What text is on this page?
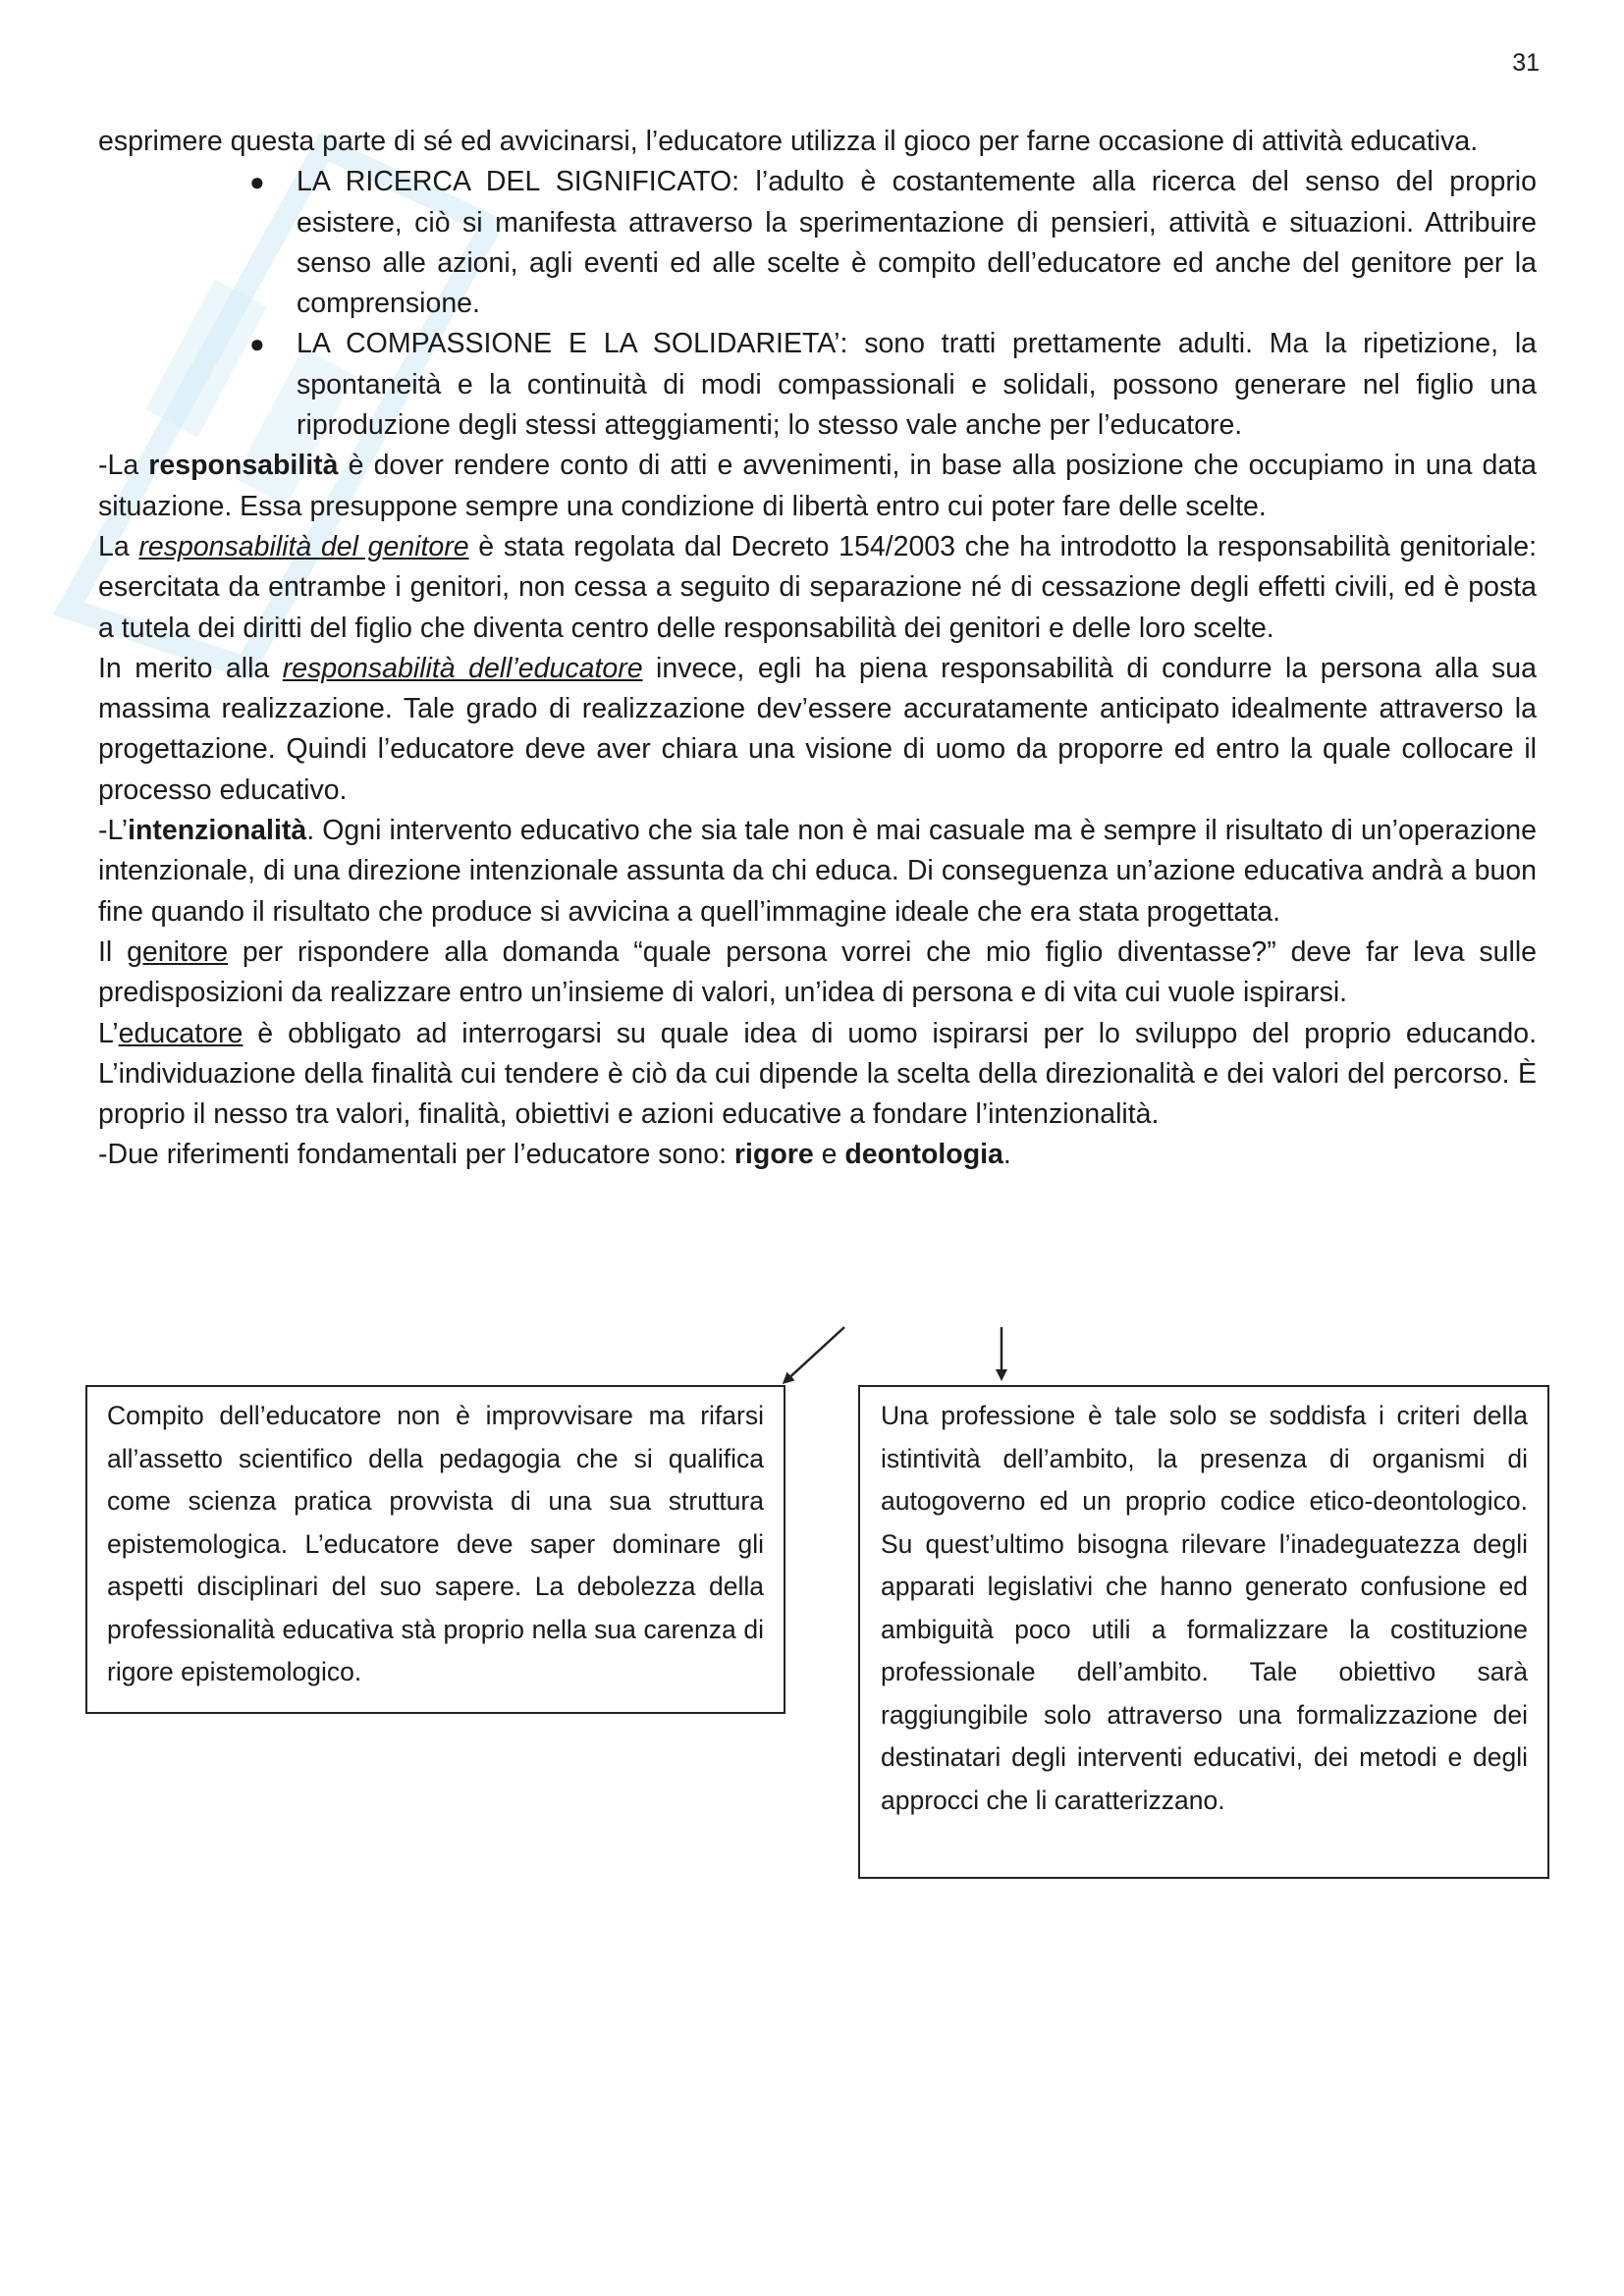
31

esprimere questa parte di sé ed avvicinarsi, l’educatore utilizza il gioco per farne occasione di attività educativa.

● LA RICERCA DEL SIGNIFICATO: l’adulto è costantemente alla ricerca del senso del proprio esistere, ciò si manifesta attraverso la sperimentazione di pensieri, attività e situazioni. Attribuire senso alle azioni, agli eventi ed alle scelte è compito dell’educatore ed anche del genitore per la comprensione.
● LA COMPASSIONE E LA SOLIDARIETA’: sono tratti prettamente adulti. Ma la ripetizione, la spontaneità e la continuità di modi compassionali e solidali, possono generare nel figlio una riproduzione degli stessi atteggiamenti; lo stesso vale anche per l’educatore.

-La responsabilità è dover rendere conto di atti e avvenimenti, in base alla posizione che occupiamo in una data situazione. Essa presuppone sempre una condizione di libertà entro cui poter fare delle scelte.

La responsabilità del genitore è stata regolata dal Decreto 154/2003 che ha introdotto la responsabilità genitoriale: esercitata da entrambe i genitori, non cessa a seguito di separazione né di cessazione degli effetti civili, ed è posta a tutela dei diritti del figlio che diventa centro delle responsabilità dei genitori e delle loro scelte.

In merito alla responsabilità dell’educatore invece, egli ha piena responsabilità di condurre la persona alla sua massima realizzazione. Tale grado di realizzazione dev’essere accuratamente anticipato idealmente attraverso la progettazione. Quindi l’educatore deve aver chiara una visione di uomo da proporre ed entro la quale collocare il processo educativo.

-L’intenzionalità. Ogni intervento educativo che sia tale non è mai casuale ma è sempre il risultato di un’operazione intenzionale, di una direzione intenzionale assunta da chi educa. Di conseguenza un’azione educativa andrà a buon fine quando il risultato che produce si avvicina a quell’immagine ideale che era stata progettata.

Il genitore per rispondere alla domanda “quale persona vorrei che mio figlio diventasse?” deve far leva sulle predisposizioni da realizzare entro un’insieme di valori, un’idea di persona e di vita cui vuole ispirarsi.

L’educatore è obbligato ad interrogarsi su quale idea di uomo ispirarsi per lo sviluppo del proprio educando. L’individuazione della finalità cui tendere è ciò da cui dipende la scelta della direzionalità e dei valori del percorso. È proprio il nesso tra valori, finalità, obiettivi e azioni educative a fondare l’intenzionalità.

-Due riferimenti fondamentali per l’educatore sono: rigore e deontologia.

Compito dell’educatore non è improvvisare ma rifarsi all’assetto scientifico della pedagogia che si qualifica come scienza pratica provvista di una sua struttura epistemologica. L’educatore deve saper dominare gli aspetti disciplinari del suo sapere. La debolezza della professionalità educativa stà proprio nella sua carenza di rigore epistemologico.
Una professione è tale solo se soddisfa i criteri della istintività dell’ambito, la presenza di organismi di autogoverno ed un proprio codice etico-deontologico. Su quest’ultimo bisogna rilevare l’inadeguatezza degli apparati legislativi che hanno generato confusione ed ambiguità poco utili a formalizzare la costituzione professionale dell’ambito. Tale obiettivo sarà raggiungibile solo attraverso una formalizzazione dei destinatari degli interventi educativi, dei metodi e degli approcci che li caratterizzano.
